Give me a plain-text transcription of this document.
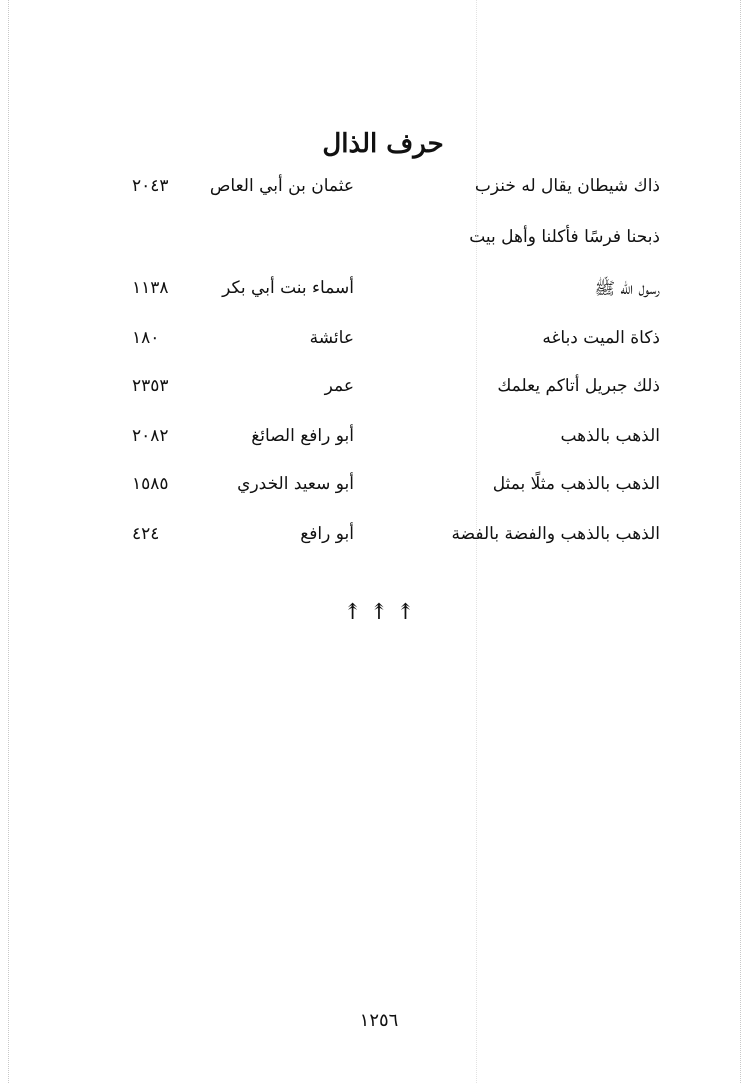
حرف الذال
ذاك شيطان يقال له خنزب
عثمان بن أبي العاص
٢٠٤٣
ذبحنا فرسًا فأكلنا وأهل بيت
رسول الله ﷺ
أسماء بنت أبي بكر
١١٣٨
ذكاة الميت دباغه
عائشة
١٨٠
ذلك جبريل أتاكم يعلمك
عمر
٢٣٥٣
الذهب بالذهب
أبو رافع الصائغ
٢٠٨٢
الذهب بالذهب مثلًا بمثل
أبو سعيد الخدري
١٥٨٥
الذهب بالذهب والفضة بالفضة
أبو رافع
٤٢٤
↟↟↟
١٢٥٦
